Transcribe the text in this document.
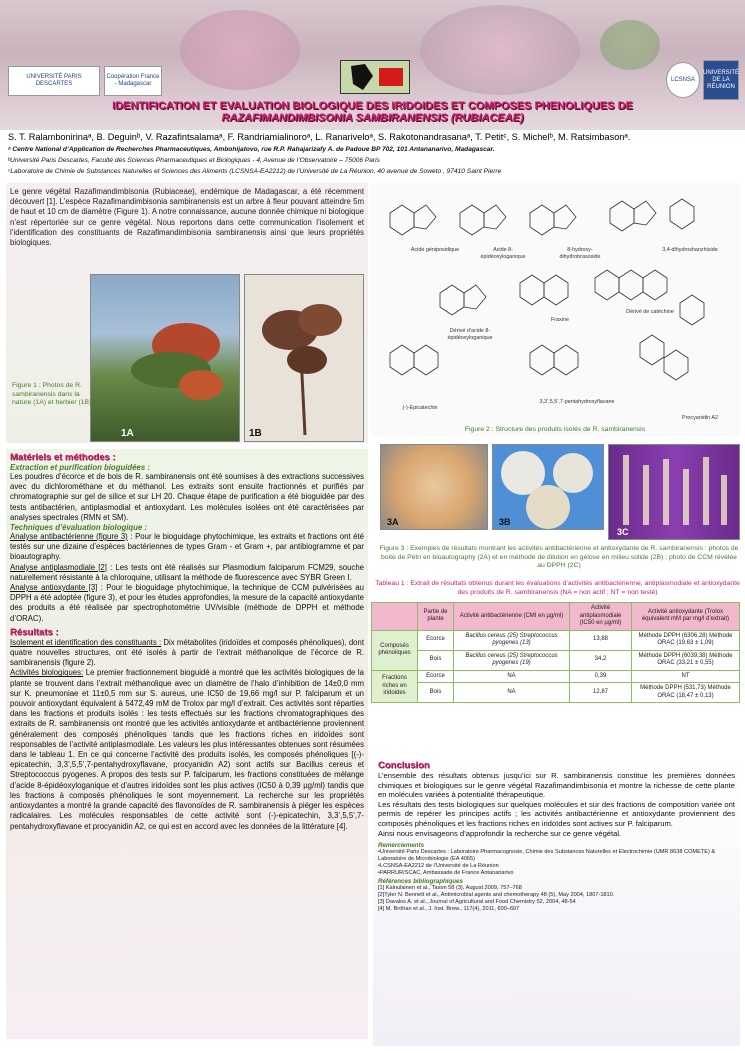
UNIVERSITÉ PARIS DESCARTES
Coopération France - Madagascar
LCSNSA
UNIVERSITÉ DE LA RÉUNION
IDENTIFICATION ET EVALUATION BIOLOGIQUE DES IRIDOIDES ET COMPOSES PHENOLIQUES DE
RAZAFIMANDIMBISONIA SAMBIRANENSIS (RUBIACEAE)
S. T. Ralambonirinaᵃ, B. Deguinᵇ, V. Razafintsalamaᵃ, F. Randriamialinoroᵃ, L. Ranariveloᵃ, S. Rakotonandrasanaᵃ, T. Petitᶜ, S. Michelᵇ, M. Ratsimbasonᵃ.
ᵃ Centre National d’Application de Recherches Pharmaceutiques, Ambohijatovo, rue R.P. Rahajarizafy A. de Padoue BP 702, 101 Antananarivo, Madagascar.
ᵇUniversité Paris Descartes, Faculté des Sciences Pharmaceutiques et Biologiques - 4, Avenue de l’Observatoire – 75006 Paris
ᶜLaboratoire de Chimie de Substances Naturelles et Sciences des Aliments (LCSNSA-EA2212) de l’Université de La Réunion, 40 avenue de Soweto , 97410 Saint Pierre

Le genre végétal Razafimandimbisonia (Rubiaceae), endémique de Madagascar, a été récemment découvert [1]. L’espèce Razafimandimbisonia sambiranensis est un arbre à fleur pouvant atteindre 5m de haut et 10 cm de diamètre (Figure 1). A notre connaissance, aucune donnée chimique ni biologique n’est répertoriée sur ce genre végétal. Nous reportons dans cette communication l’isolement et l’identification des constituants de Razafimandimbisonia sambiranensis ainsi que leurs propriétés biologiques.

1A	1B
Figure 1 : Photos de R. sambiranensis dans la nature (1A) et herbier (1B)
Acide géniposidique	Acide 8-épidéoxyloganique
8-hydroxy-dihydrobrasoside
3,4-dihydroshanzhiside
Dérivé d’acide 8-épidéoxyloganique
Fraxine
Dérivé de catéchine
(-)-Epicatechin
3,3’,5,5’,7-pentahydroxyflavane
Procyanidin A2
Figure 2 : Structure des produits isolés de R. sambiranensis
Matériels et méthodes :
Extraction et purification bioguidées :

Les poudres d’écorce et de bois de R. sambiranensis ont été soumises à des extractions successives avec du dichlorométhane et du méthanol. Les extraits sont ensuite fractionnés et purifiés par chromatographie sur gel de silice et sur LH 20. Chaque étape de purification a été bioguidée par des tests antibactérien, antiplasmodial et antioxydant. Les molécules isolées ont été caractérisées par analyses spectrales (RMN et SM).

Techniques d’évaluation biologique :

Analyse antibactérienne (figure 3) : Pour le bioguidage phytochimique, les extraits et fractions ont été testés sur une dizaine d’espèces bactériennes de types Gram - et Gram +, par antibiogramme et par bioautography.

Analyse antiplasmodiale [2] : Les tests ont été réalisés sur Plasmodium falciparum FCM29, souche naturellement résistante à la chloroquine, utilisant la méthode de fluorescence avec SYBR Green I.

Analyse antioxydante [3] : Pour le bioguidage phytochimique, la technique de CCM pulvérisées au DPPH a été adoptée (figure 3), et pour les études approfondies, la mesure de la capacité antioxydante des produits a été réalisée par spectrophotométrie UV/visible (méthode de DPPH et méthode d’ORAC).

Résultats :

Isolement et identification des constituants : Dix métabolites (iridoïdes et composés phénoliques), dont quatre nouvelles structures, ont été isolés à partir de l’extrait méthanolique de l’écorce de R. sambiranensis (figure 2).

Activités biologiques: Le premier fractionnement bioguidé a montré que les activités biologiques de la plante se trouvent dans l’extrait méthanolique avec un diamètre de l’halo d’inhibition de 14±0,0 mm sur K. pneumoniae et 11±0,5 mm sur S. aureus, une IC50 de 19,66 mg/l sur P. falciparum et un pouvoir antioxydant équivalent à 5472,49 mM de Trolox par mg/l d’extrait. Ces activités sont réparties dans les fractions et produits isolés : les tests effectués sur les fractions chromatographiques des extraits de R. sambiranensis ont montré que les activités antioxydante et antibactérienne proviennent généralement des composés phénoliques tandis que les fractions riches en iridoïdes sont responsables de l’activité antiplasmodiale. Les valeurs les plus intéressantes obtenues sont résumées dans le tableau 1. En ce qui concerne l’activité des produits isolés, les composés phénoliques [(-)-epicatechin, 3,3’,5,5’,7-pentahydroxyflavane, procyanidin A2) sont actifs sur Bacillus cereus et Streptococcus pyogenes. A propos des tests sur P. falciparum, les fractions constituées de mélange d’acide 8-épidéoxyloganique et d’autres iridoïdes sont les plus actives (IC50 à 0,39 µg/ml) tandis que les fractions à composés phénoliques le sont moyennement. La recherche sur les propriétés antioxydantes a montré la grande capacité des flavonoïdes de R. sambiranensis à piéger les espèces radicalaires. Les molécules responsables de cette activité sont (-)-epicatechin, 3,3’,5,5’,7-pentahydroxyflavane et procyanidin A2, ce qui est en accord avec les données de la littérature [4].

3A	3B
3C
Figure 3 : Exemples de résultats montrant les activités antibactérienne et antioxydante de R. sambiranensis : photos de boite de Pétri en bioautography (2A) et en méthode de dilution en gélose en milieu solide (2B) ; photo de CCM révélée au DPPH (2C)
Tableau 1 : Extrait de résultats obtenus durant les évaluations d’activités antibactérienne, antiplasmodiale et antioxydante des produits de R. sambiranensis (NA = non actif ; NT = non testé)
	Partie de plante	Activité antibactérienne (CMI en µg/ml)	Activité antiplasmodiale (IC50 en µg/ml)	Activité antioxydante (Trolox équivalent mM par mg/l d’extrait)
Composés phénoliques	Ecorce	Bacillus cereus (25) Streptococcus pyogenes (13)	13,88	Méthode DPPH (6306,28) Méthode ORAC (19,63 ± 1,09)
	Bois	Bacillus cereus (25) Streptococcus pyogenes (19)	34,2	Méthode DPPH (6039,38) Méthode ORAC (33,21 ± 0,55)
Fractions riches en iridoides	Ecorce	NA	0,39	NT
	Bois	NA	12,87	Méthode DPPH (531,73) Méthode ORAC (18,47 ± 0,13)
Conclusion

L’ensemble des résultats obtenus jusqu’ici sur R. sambiranensis constitue les premières données chimiques et biologiques sur le genre végétal Razafimandimbisonia et montre la richesse de cette plante en molécules variées à potentialité thérapeutique.

Les résultats des tests biologiques sur quelques molécules et sur des fractions de composition variée ont permis de repérer les principes actifs ; les activités antibactérienne et antioxydante proviennent des composés phénoliques et les fractions riches en iridoïdes sont actives sur P. falciparum.

Ainsi nous envisageons d’approfondir la recherche sur ce genre végétal.

Remerciements

•Université Paris Descartes : Laboratoire Pharmacognosie, Chimie des Substances Naturelles et Electrochimie (UMR 8638 COMETE) & Laboratoire de Microbiologie (EA 4065)

•LCSNSA-EA2212 de l’Université de La Réunion

•PARRUR/SCAC, Ambassade de France Antananarivo

Références bibliographiques

[1] Kainulainen et al., Taxon 58 (3), August 2009, 757–768

[2]Tyler N. Bennett et al., Antimicrobial agents and chemotherapy 48 (5), May 2004, 1807-1810.

[3] Davalos A. et al., Journal of Agricultural and Food Chemistry 52, 2004, 48-54

[4] M. Bröhan et al., J. Inst. Brew., 117(4), 2011, 600–607
